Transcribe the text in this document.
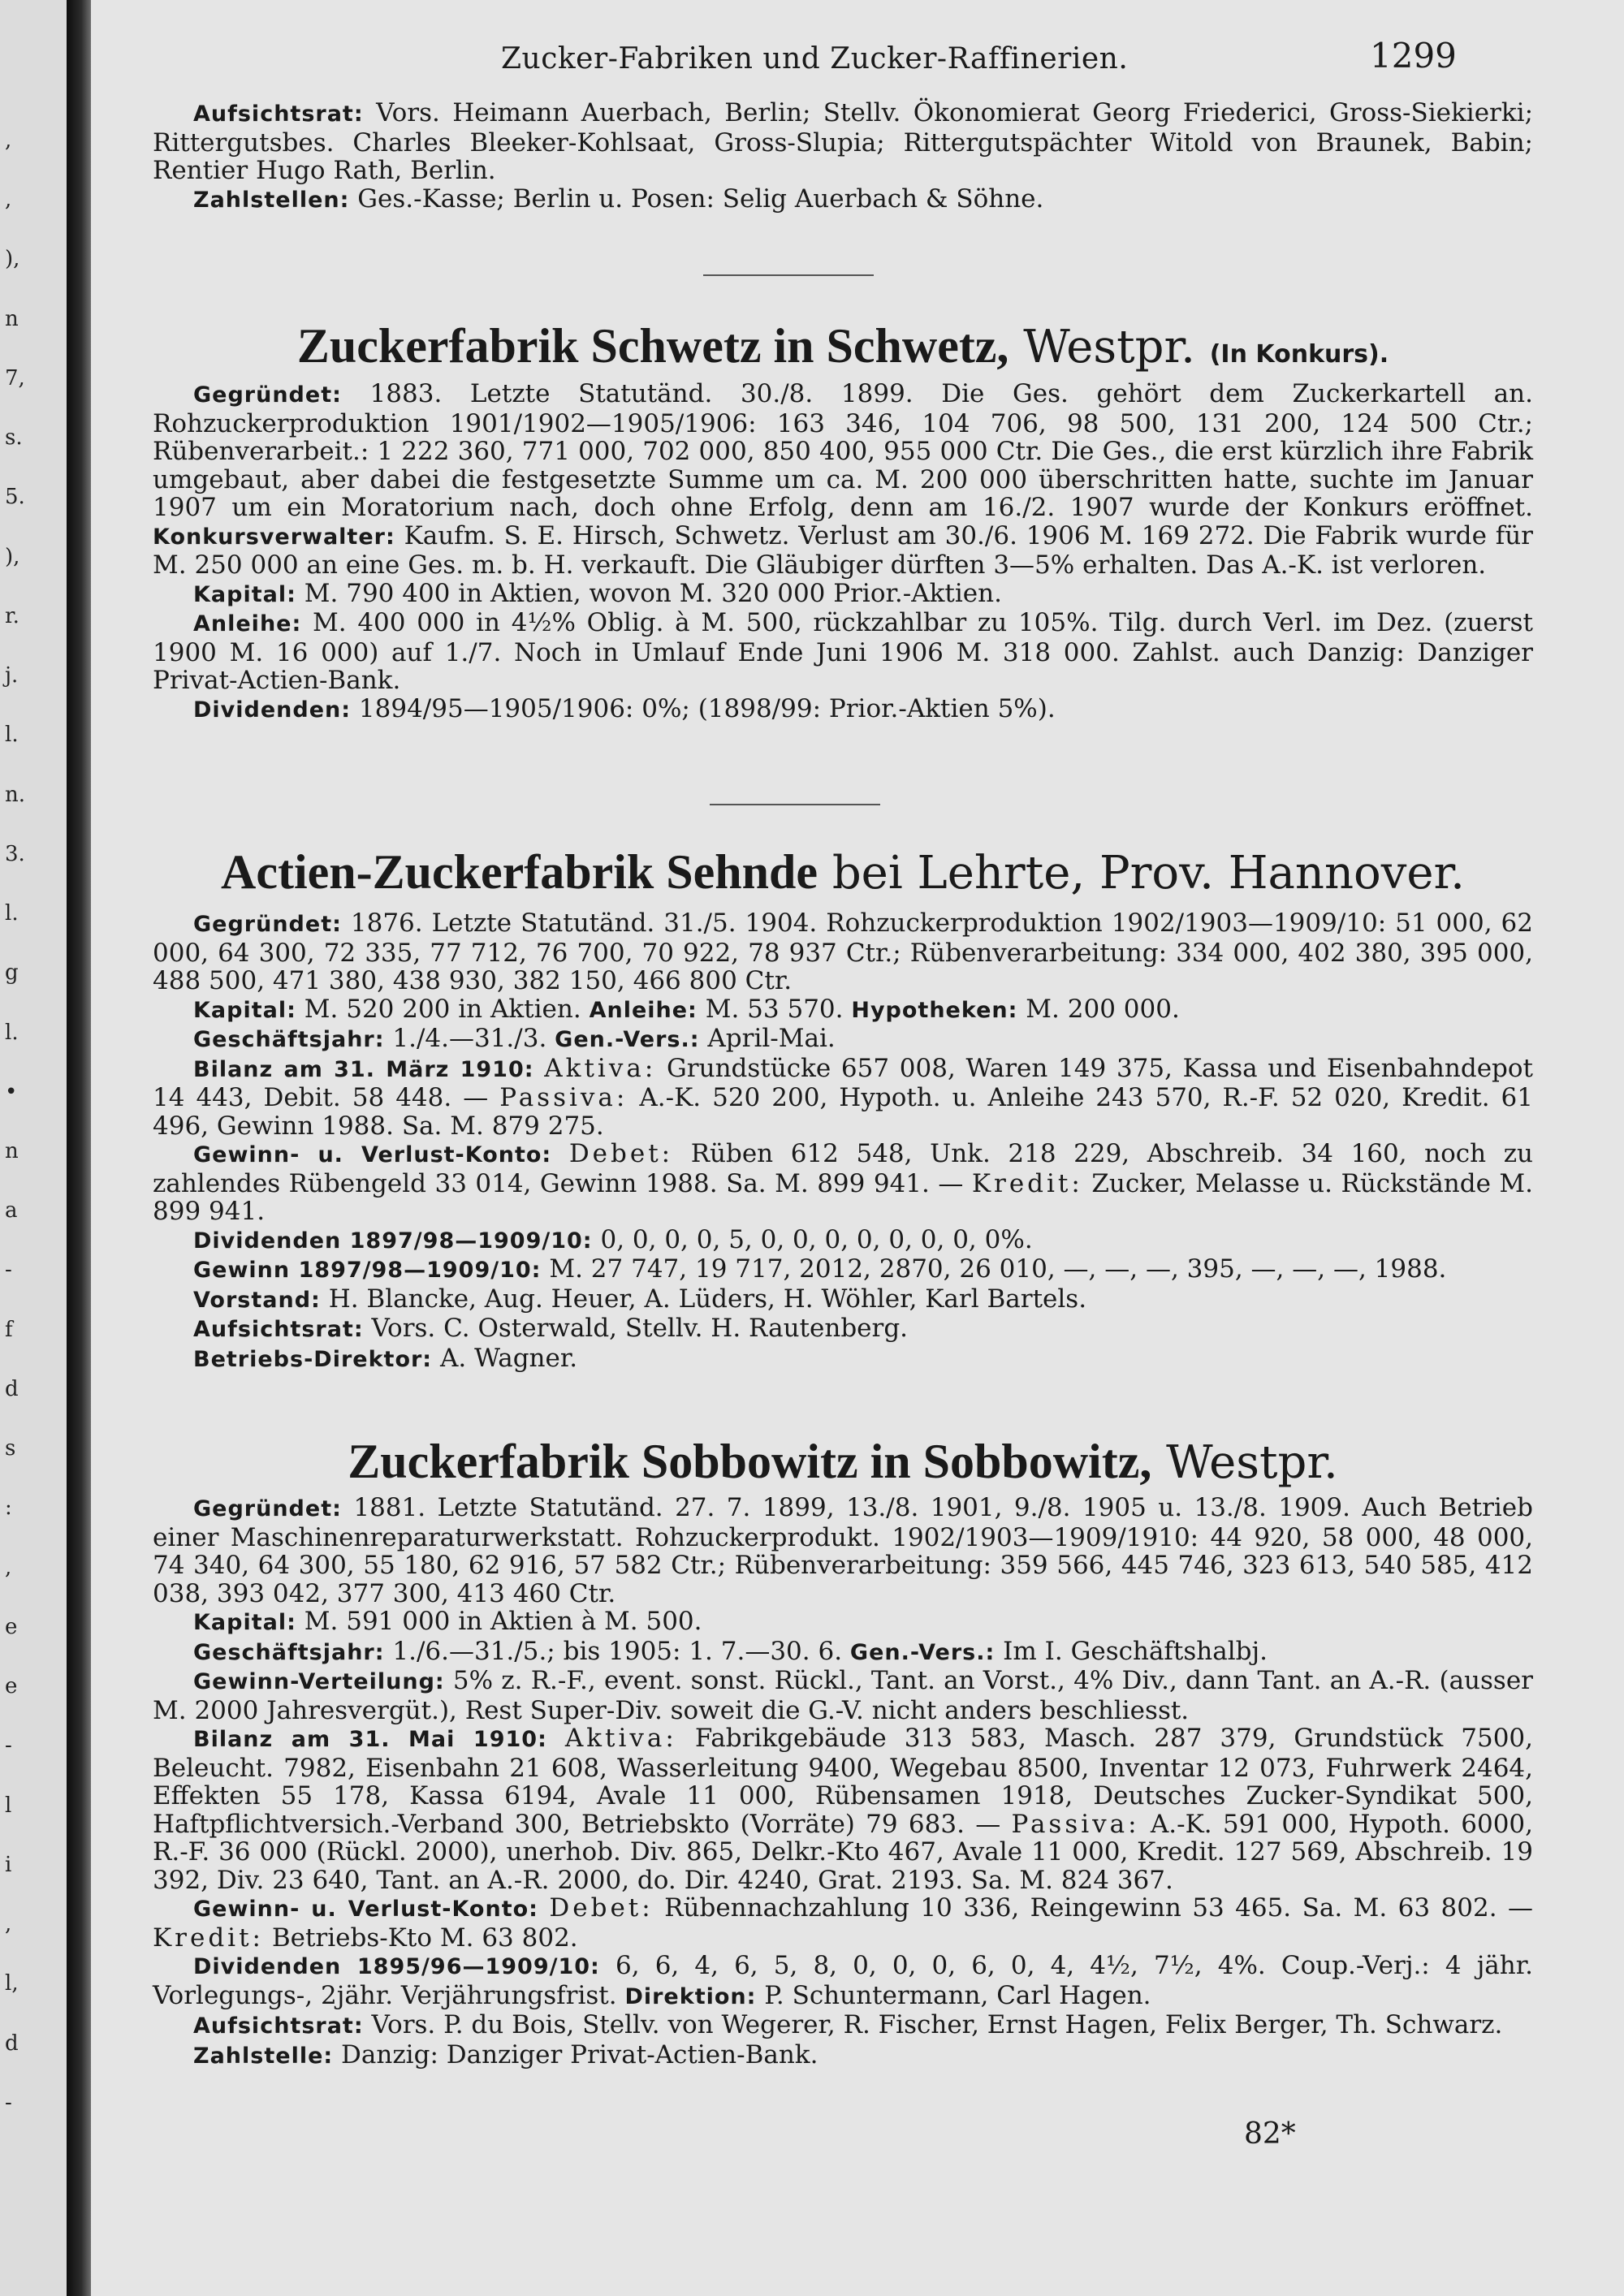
,
,
),
n
7,
s.
5.
),
r.
j.
l.
n.
3.
l.
g
l.
•
n
a
-
f
d
s
:
,
e
e
-
l
i
,
l,
d
-
Zucker-Fabriken und Zucker-Raffinerien.	1299

Aufsichtsrat: Vors. Heimann Auerbach, Berlin; Stellv. Ökonomierat Georg Friederici, Gross-Siekierki; Rittergutsbes. Charles Bleeker-Kohlsaat, Gross-Slupia; Rittergutspächter Witold von Braunek, Babin; Rentier Hugo Rath, Berlin.

Zahlstellen: Ges.-Kasse; Berlin u. Posen: Selig Auerbach & Söhne.

Zuckerfabrik Schwetz in Schwetz, Westpr. (In Konkurs).

Gegründet: 1883. Letzte Statutänd. 30./8. 1899. Die Ges. gehört dem Zuckerkartell an. Rohzuckerproduktion 1901/1902—1905/1906: 163 346, 104 706, 98 500, 131 200, 124 500 Ctr.; Rübenverarbeit.: 1 222 360, 771 000, 702 000, 850 400, 955 000 Ctr. Die Ges., die erst kürzlich ihre Fabrik umgebaut, aber dabei die festgesetzte Summe um ca. M. 200 000 überschritten hatte, suchte im Januar 1907 um ein Moratorium nach, doch ohne Erfolg, denn am 16./2. 1907 wurde der Konkurs eröffnet. Konkursverwalter: Kaufm. S. E. Hirsch, Schwetz. Verlust am 30./6. 1906 M. 169 272. Die Fabrik wurde für M. 250 000 an eine Ges. m. b. H. verkauft. Die Gläubiger dürften 3—5% erhalten. Das A.-K. ist verloren.

Kapital: M. 790 400 in Aktien, wovon M. 320 000 Prior.-Aktien.

Anleihe: M. 400 000 in 4½% Oblig. à M. 500, rückzahlbar zu 105%. Tilg. durch Verl. im Dez. (zuerst 1900 M. 16 000) auf 1./7. Noch in Umlauf Ende Juni 1906 M. 318 000. Zahlst. auch Danzig: Danziger Privat-Actien-Bank.

Dividenden: 1894/95—1905/1906: 0%; (1898/99: Prior.-Aktien 5%).

Actien-Zuckerfabrik Sehnde bei Lehrte, Prov. Hannover.

Gegründet: 1876. Letzte Statutänd. 31./5. 1904. Rohzuckerproduktion 1902/1903—1909/10: 51 000, 62 000, 64 300, 72 335, 77 712, 76 700, 70 922, 78 937 Ctr.; Rübenverarbeitung: 334 000, 402 380, 395 000, 488 500, 471 380, 438 930, 382 150, 466 800 Ctr.

Kapital: M. 520 200 in Aktien. Anleihe: M. 53 570. Hypotheken: M. 200 000.

Geschäftsjahr: 1./4.—31./3. Gen.-Vers.: April-Mai.

Bilanz am 31. März 1910: Aktiva: Grundstücke 657 008, Waren 149 375, Kassa und Eisenbahndepot 14 443, Debit. 58 448. — Passiva: A.-K. 520 200, Hypoth. u. Anleihe 243 570, R.-F. 52 020, Kredit. 61 496, Gewinn 1988. Sa. M. 879 275.

Gewinn- u. Verlust-Konto: Debet: Rüben 612 548, Unk. 218 229, Abschreib. 34 160, noch zu zahlendes Rübengeld 33 014, Gewinn 1988. Sa. M. 899 941. — Kredit: Zucker, Melasse u. Rückstände M. 899 941.

Dividenden 1897/98—1909/10: 0, 0, 0, 0, 5, 0, 0, 0, 0, 0, 0, 0, 0%.

Gewinn 1897/98—1909/10: M. 27 747, 19 717, 2012, 2870, 26 010, —, —, —, 395, —, —, —, 1988.

Vorstand: H. Blancke, Aug. Heuer, A. Lüders, H. Wöhler, Karl Bartels.

Aufsichtsrat: Vors. C. Osterwald, Stellv. H. Rautenberg.

Betriebs-Direktor: A. Wagner.

Zuckerfabrik Sobbowitz in Sobbowitz, Westpr.

Gegründet: 1881. Letzte Statutänd. 27. 7. 1899, 13./8. 1901, 9./8. 1905 u. 13./8. 1909. Auch Betrieb einer Maschinenreparaturwerkstatt. Rohzuckerprodukt. 1902/1903—1909/1910: 44 920, 58 000, 48 000, 74 340, 64 300, 55 180, 62 916, 57 582 Ctr.; Rübenverarbeitung: 359 566, 445 746, 323 613, 540 585, 412 038, 393 042, 377 300, 413 460 Ctr.

Kapital: M. 591 000 in Aktien à M. 500.

Geschäftsjahr: 1./6.—31./5.; bis 1905: 1. 7.—30. 6. Gen.-Vers.: Im I. Geschäftshalbj.

Gewinn-Verteilung: 5% z. R.-F., event. sonst. Rückl., Tant. an Vorst., 4% Div., dann Tant. an A.-R. (ausser M. 2000 Jahresvergüt.), Rest Super-Div. soweit die G.-V. nicht anders beschliesst.

Bilanz am 31. Mai 1910: Aktiva: Fabrikgebäude 313 583, Masch. 287 379, Grundstück 7500, Beleucht. 7982, Eisenbahn 21 608, Wasserleitung 9400, Wegebau 8500, Inventar 12 073, Fuhrwerk 2464, Effekten 55 178, Kassa 6194, Avale 11 000, Rübensamen 1918, Deutsches Zucker-Syndikat 500, Haftpflichtversich.-Verband 300, Betriebskto (Vorräte) 79 683. — Passiva: A.-K. 591 000, Hypoth. 6000, R.-F. 36 000 (Rückl. 2000), unerhob. Div. 865, Delkr.-Kto 467, Avale 11 000, Kredit. 127 569, Abschreib. 19 392, Div. 23 640, Tant. an A.-R. 2000, do. Dir. 4240, Grat. 2193. Sa. M. 824 367.

Gewinn- u. Verlust-Konto: Debet: Rübennachzahlung 10 336, Reingewinn 53 465. Sa. M. 63 802. — Kredit: Betriebs-Kto M. 63 802.

Dividenden 1895/96—1909/10: 6, 6, 4, 6, 5, 8, 0, 0, 0, 6, 0, 4, 4½, 7½, 4%. Coup.-Verj.: 4 jähr. Vorlegungs-, 2jähr. Verjährungsfrist. Direktion: P. Schuntermann, Carl Hagen.

Aufsichtsrat: Vors. P. du Bois, Stellv. von Wegerer, R. Fischer, Ernst Hagen, Felix Berger, Th. Schwarz.

Zahlstelle: Danzig: Danziger Privat-Actien-Bank.

82*
